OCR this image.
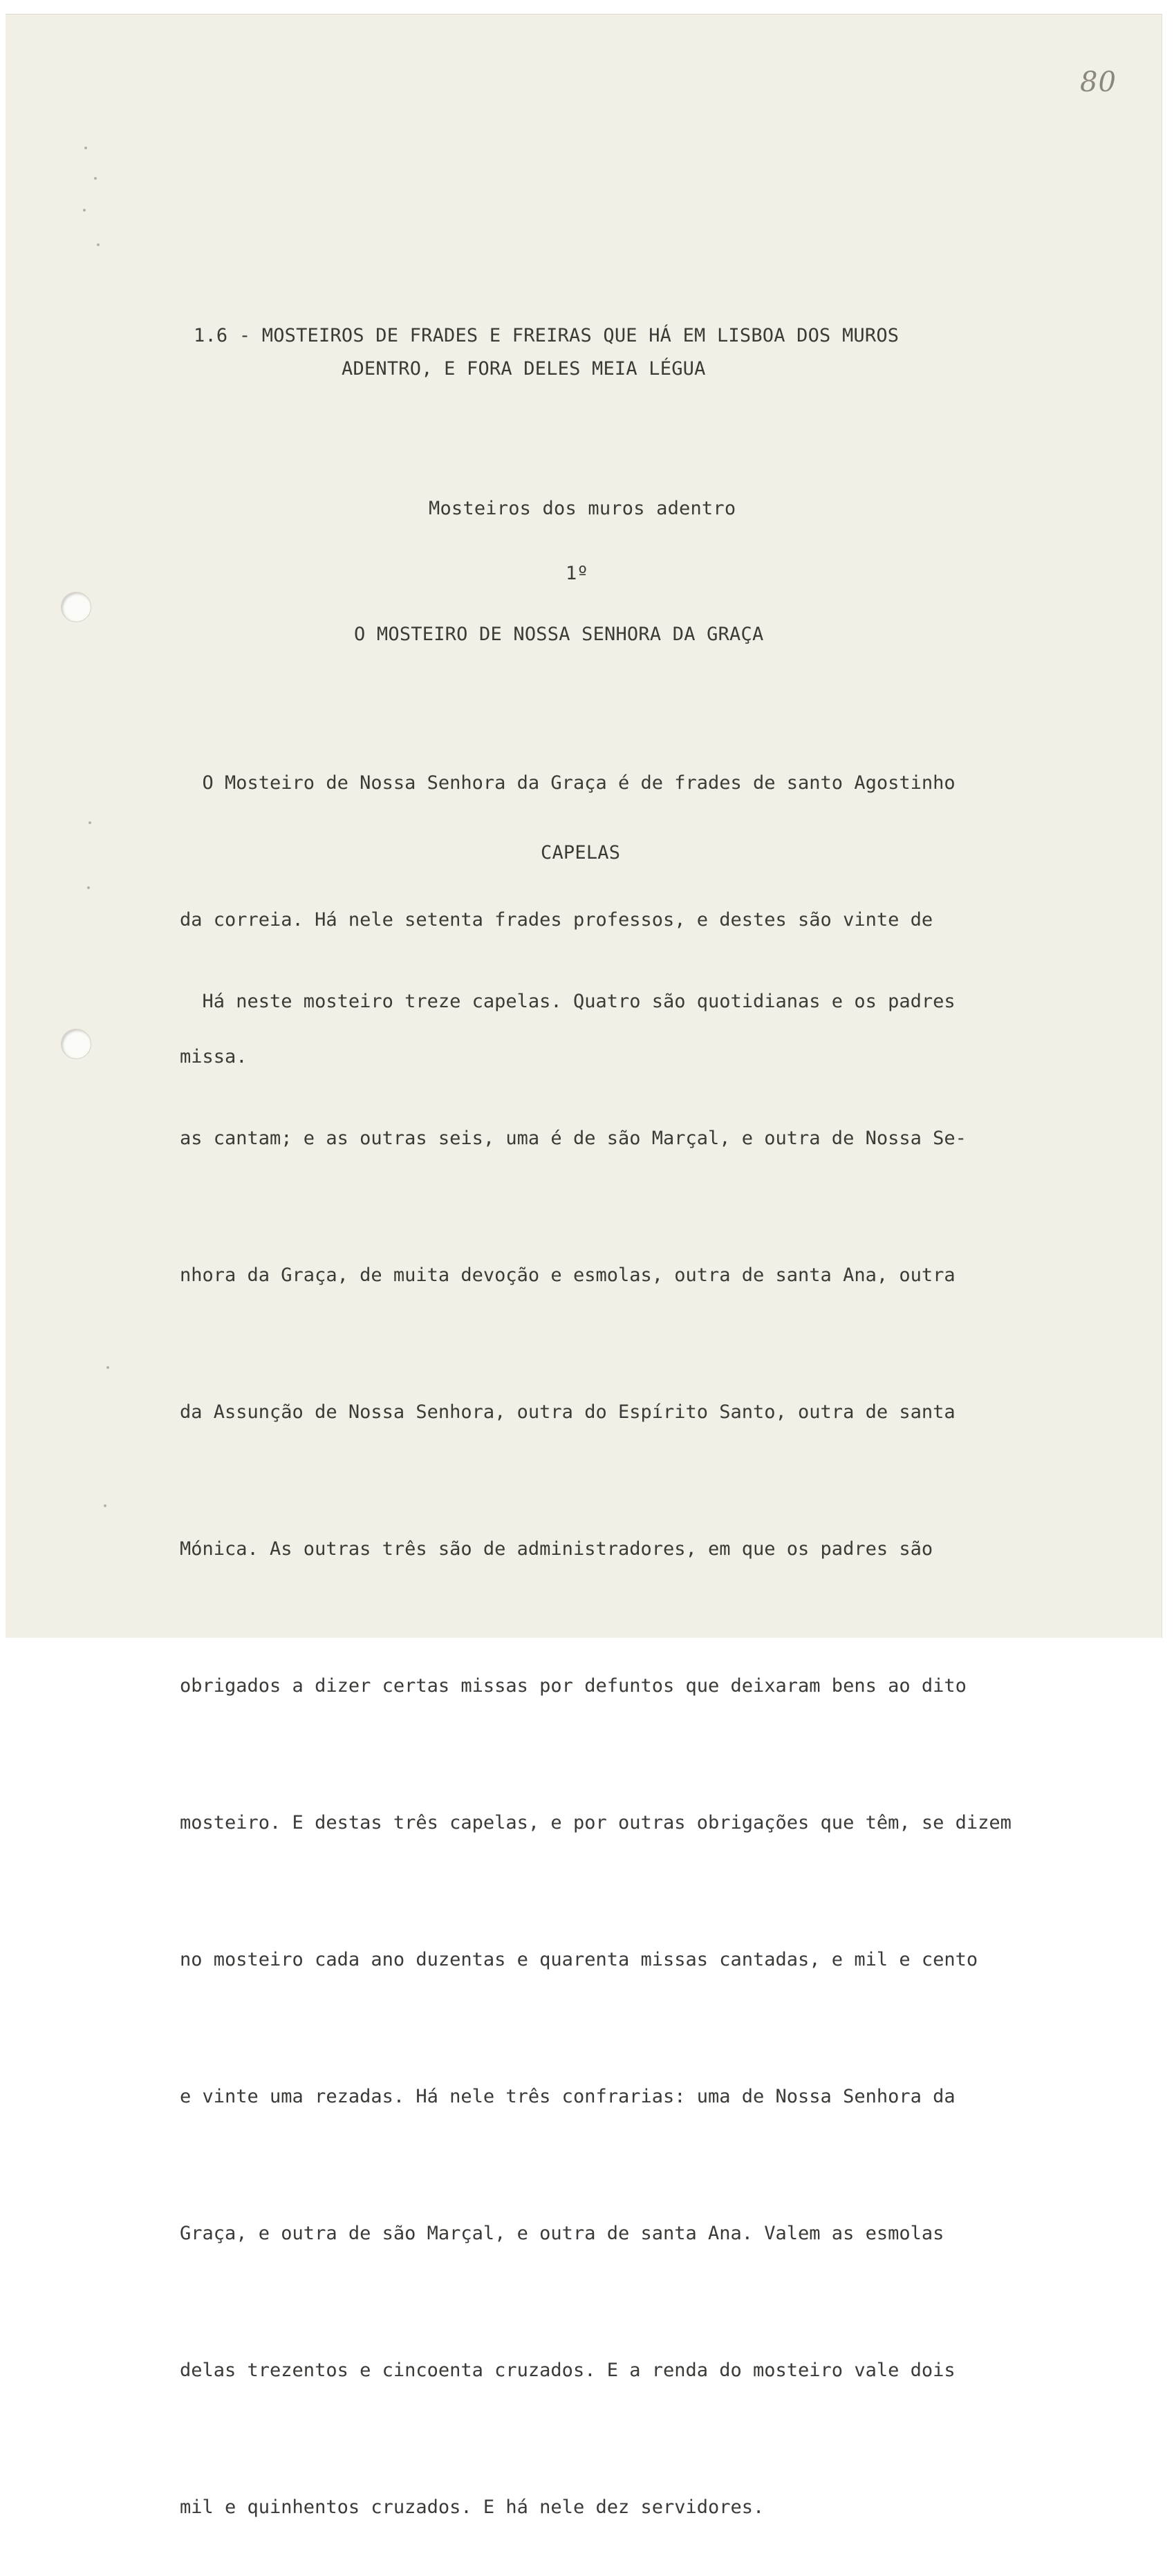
80
1.6 - MOSTEIROS DE FRADES E FREIRAS QUE HÁ EM LISBOA DOS MUROS
ADENTRO, E FORA DELES MEIA LÉGUA
Mosteiros dos muros adentro
1º
O MOSTEIRO DE NOSSA SENHORA DA GRAÇA

O Mosteiro de Nossa Senhora da Graça é de frades de santo Agostinho

da correia. Há nele setenta frades professos, e destes são vinte de

missa.

CAPELAS

Há neste mosteiro treze capelas. Quatro são quotidianas e os padres

as cantam; e as outras seis, uma é de são Marçal, e outra de Nossa Se-

nhora da Graça, de muita devoção e esmolas, outra de santa Ana, outra

da Assunção de Nossa Senhora, outra do Espírito Santo, outra de santa

Mónica. As outras três são de administradores, em que os padres são

obrigados a dizer certas missas por defuntos que deixaram bens ao dito

mosteiro. E destas três capelas, e por outras obrigações que têm, se dizem

no mosteiro cada ano duzentas e quarenta missas cantadas, e mil e cento

e vinte uma rezadas. Há nele três confrarias: uma de Nossa Senhora da

Graça, e outra de são Marçal, e outra de santa Ana. Valem as esmolas

delas trezentos e cincoenta cruzados. E a renda do mosteiro vale dois

mil e quinhentos cruzados. E há nele dez servidores.
